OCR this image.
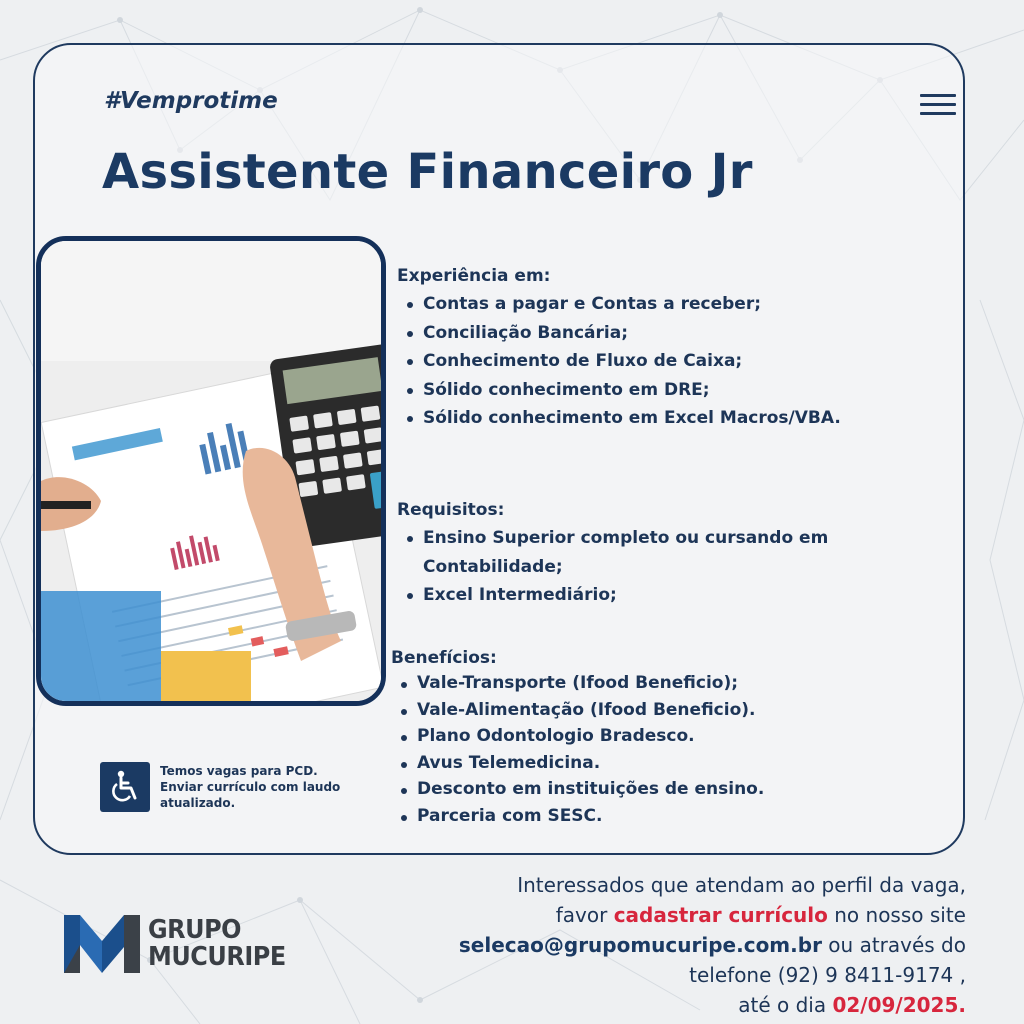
#Vemprotime
Assistente Financeiro Jr
Experiência em:
Contas a pagar e Contas a receber;
Conciliação Bancária;
Conhecimento de Fluxo de Caixa;
Sólido conhecimento em DRE;
Sólido conhecimento em Excel Macros/VBA.
Requisitos:
Ensino Superior completo ou cursando em Contabilidade;
Excel Intermediário;
Benefícios:
Vale-Transporte (Ifood Beneficio);
Vale-Alimentação (Ifood Beneficio).
Plano Odontologio Bradesco.
Avus Telemedicina.
Desconto em instituições de ensino.
Parceria com SESC.
Temos vagas para PCD.
Enviar currículo com laudo
atualizado.
GRUPO
MUCURIPE
Interessados que atendam ao perfil da vaga,
favor cadastrar currículo no nosso site
selecao@grupomucuripe.com.br ou através do
telefone (92) 9 8411-9174 ,
até o dia 02/09/2025.
